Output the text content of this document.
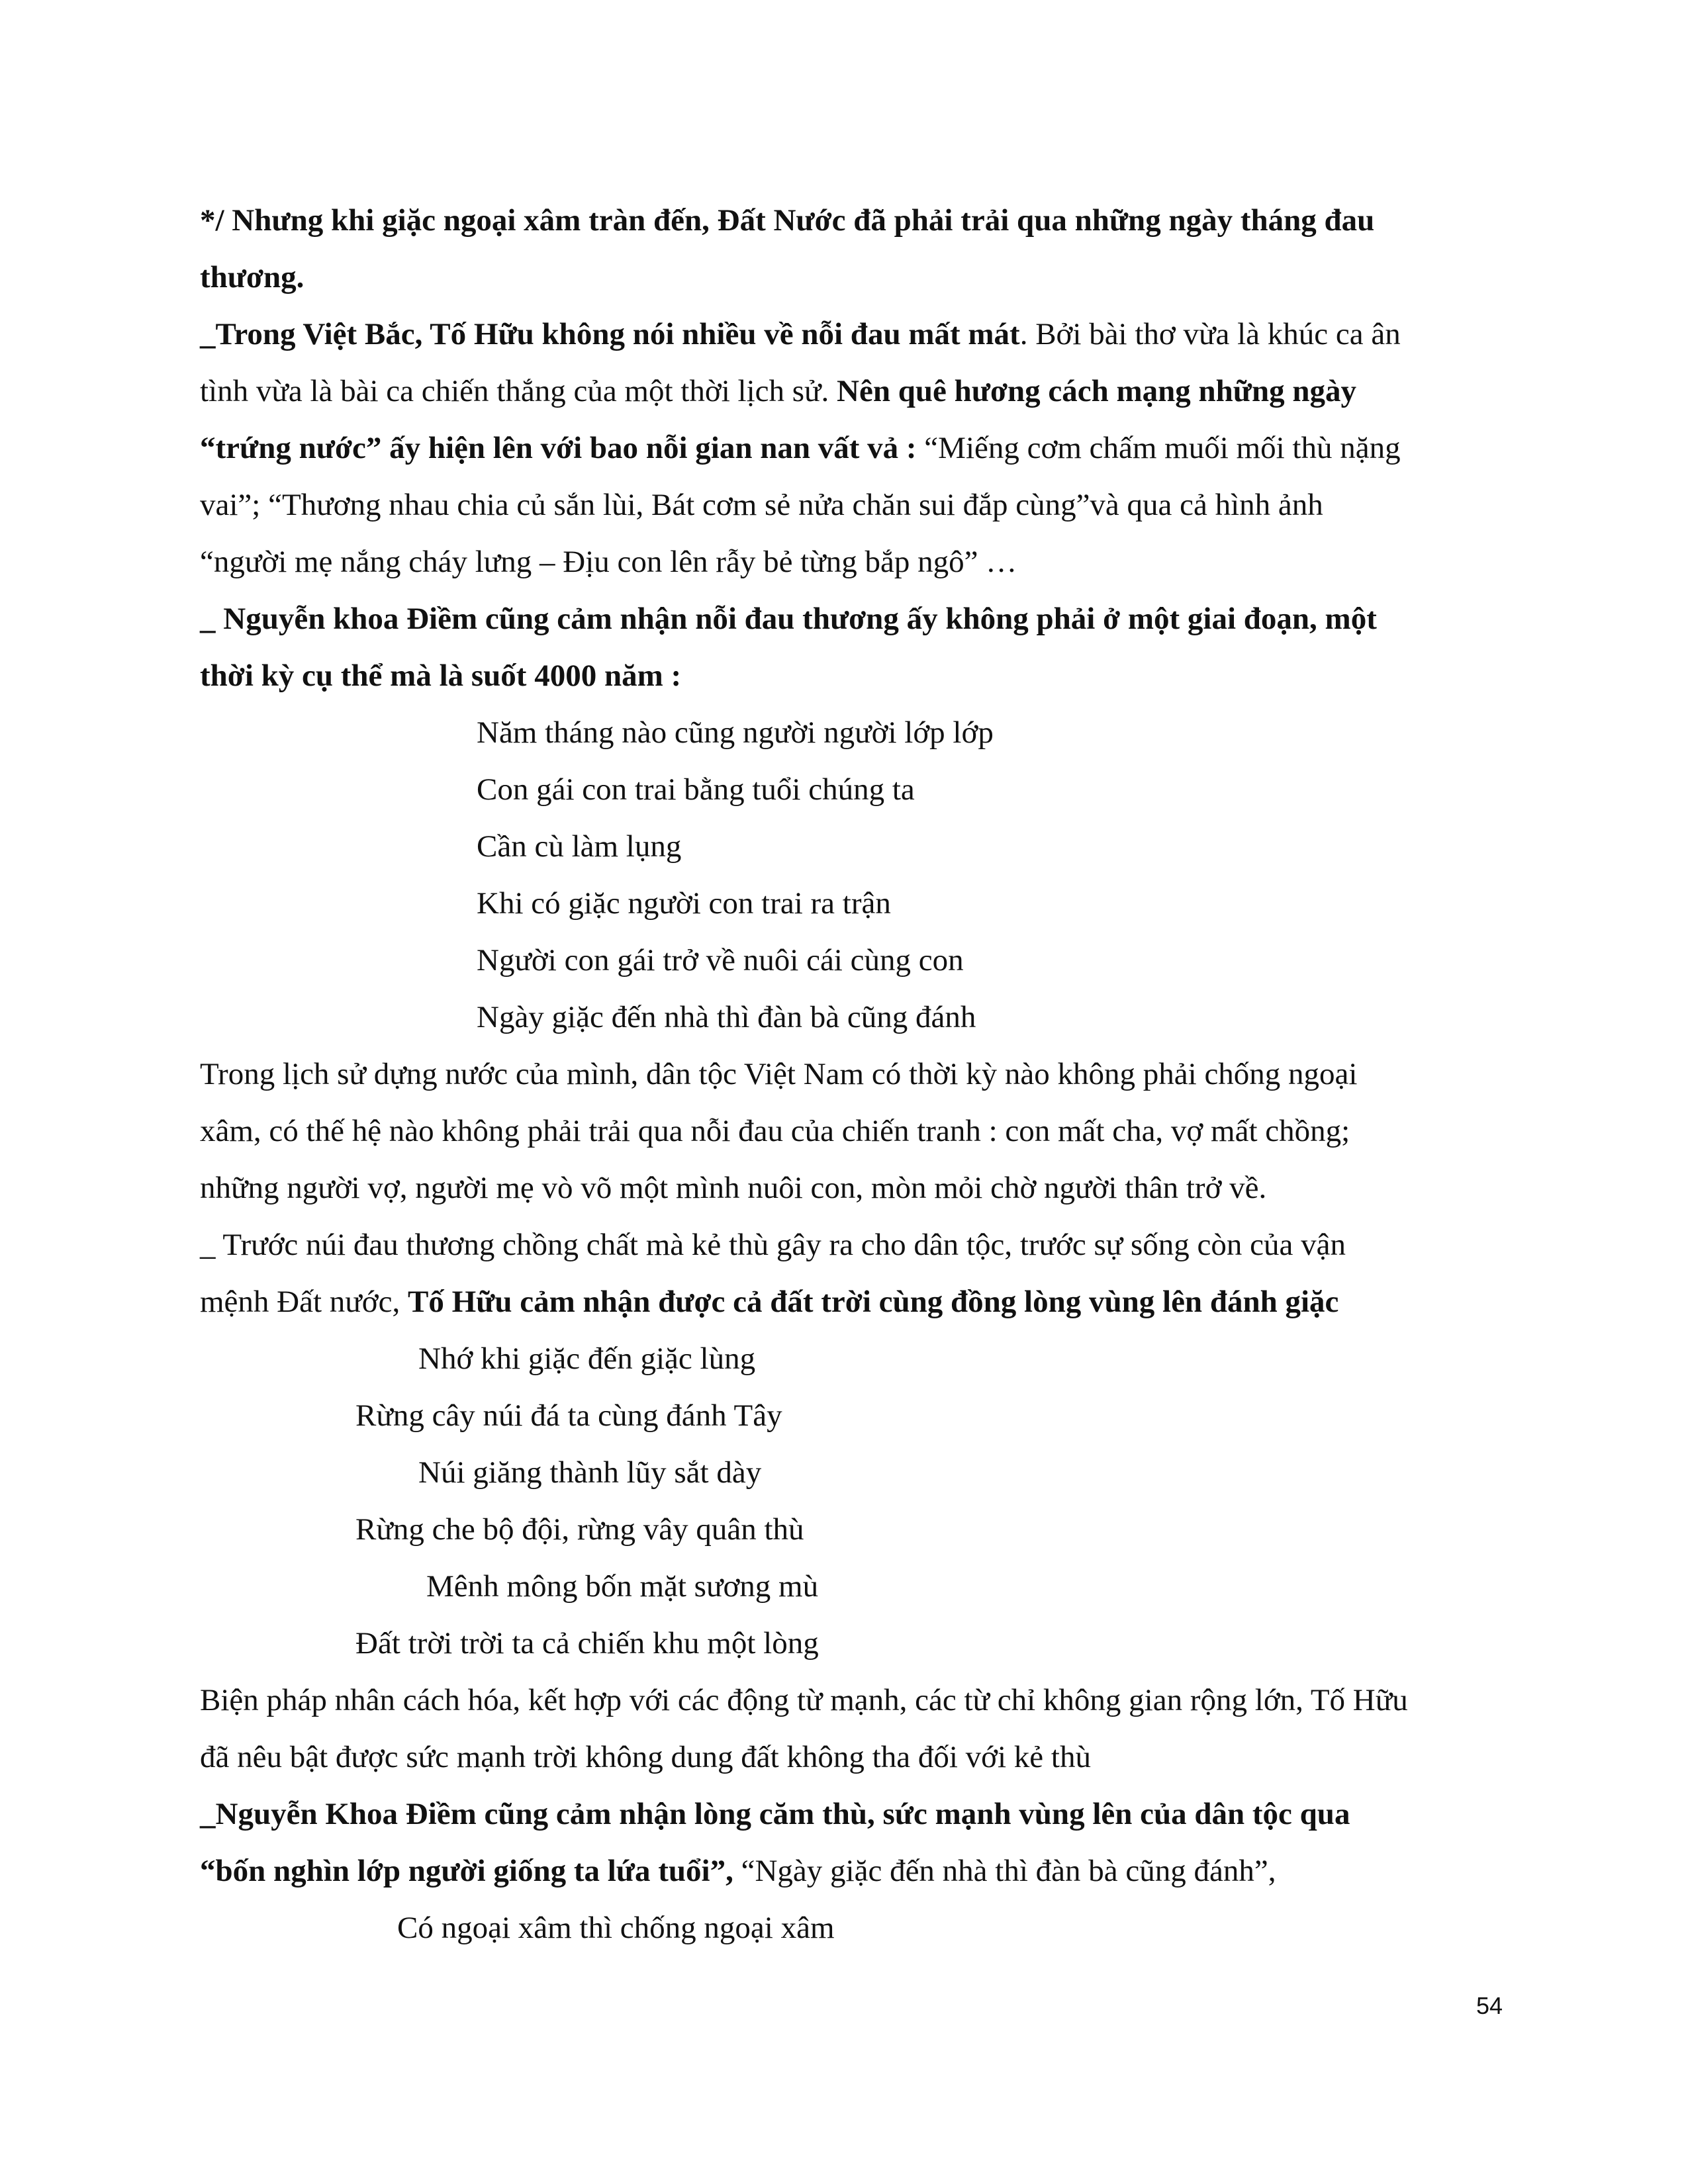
*/ Nhưng khi giặc ngoại xâm tràn đến, Đất Nước đã phải trải qua những ngày tháng đau
thương.
_Trong Việt Bắc, Tố Hữu không nói nhiều về nỗi đau mất mát. Bởi bài thơ vừa là khúc ca ân
tình vừa là bài ca chiến thắng của một thời lịch sử. Nên quê hương cách mạng những ngày
“trứng nước” ấy hiện lên với bao nỗi gian nan vất vả : “Miếng cơm chấm muối mối thù nặng
vai”; “Thương nhau chia củ sắn lùi, Bát cơm sẻ nửa chăn sui đắp cùng”và qua cả hình ảnh
“người mẹ nắng cháy lưng – Địu con lên rẫy bẻ từng bắp ngô” …
_ Nguyễn khoa Điềm cũng cảm nhận nỗi đau thương ấy không phải ở một giai đoạn, một
thời kỳ cụ thể mà là suốt 4000 năm :
Năm tháng nào cũng người người lớp lớp
Con gái con trai bằng tuổi chúng ta
Cần cù làm lụng
Khi có giặc người con trai ra trận
Người con gái trở về nuôi cái cùng con
Ngày giặc đến nhà thì đàn bà cũng đánh
Trong lịch sử dựng nước của mình, dân tộc Việt Nam có thời kỳ nào không phải chống ngoại
xâm, có thế hệ nào không phải trải qua nỗi đau của chiến tranh : con mất cha, vợ mất chồng;
những người vợ, người mẹ vò võ một mình nuôi con, mòn mỏi chờ người thân trở về.
_ Trước núi đau thương chồng chất mà kẻ thù gây ra cho dân tộc, trước sự sống còn của vận
mệnh Đất nước, Tố Hữu cảm nhận được cả đất trời cùng đồng lòng vùng lên đánh giặc
Nhớ khi giặc đến giặc lùng
Rừng cây núi đá ta cùng đánh Tây
Núi giăng thành lũy sắt dày
Rừng che bộ đội, rừng vây quân thù
Mênh mông bốn mặt sương mù
Đất trời trời ta cả chiến khu một lòng
Biện pháp nhân cách hóa, kết hợp với các động từ mạnh, các từ chỉ không gian rộng lớn, Tố Hữu
đã nêu bật được sức mạnh trời không dung đất không tha đối với kẻ thù
_Nguyễn Khoa Điềm cũng cảm nhận lòng căm thù, sức mạnh vùng lên của dân tộc qua
“bốn nghìn lớp người giống ta lứa tuổi”, “Ngày giặc đến nhà thì đàn bà cũng đánh”,
Có ngoại xâm thì chống ngoại xâm
54
